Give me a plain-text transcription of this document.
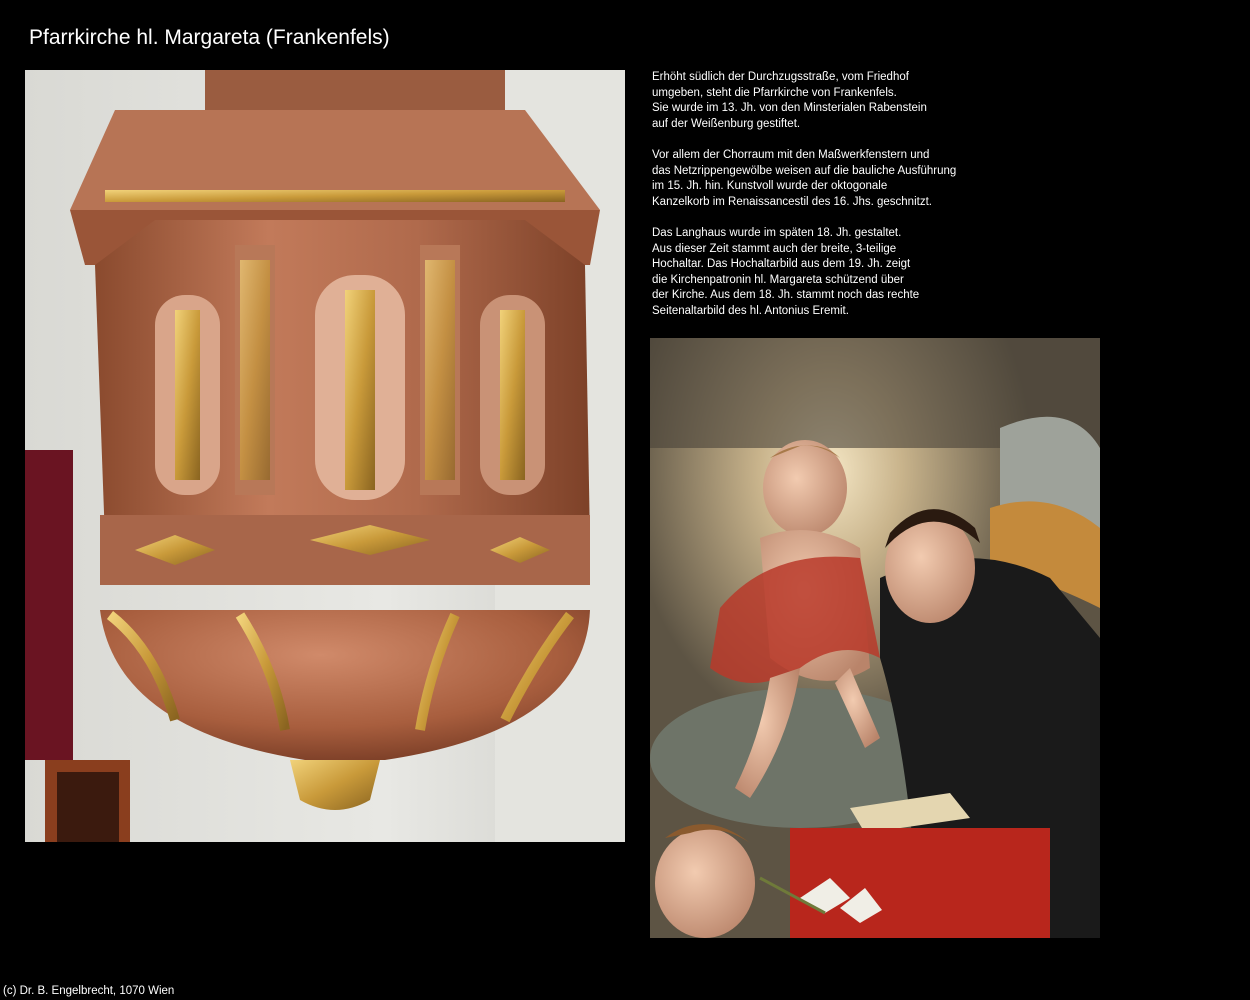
Pfarrkirche hl. Margareta (Frankenfels)

Erhöht südlich der Durchzugsstraße, vom Friedhof
umgeben, steht die Pfarrkirche von Frankenfels.
Sie wurde im 13. Jh. von den Minsterialen Rabenstein
auf der Weißenburg gestiftet.

Vor allem der Chorraum mit den Maßwerkfenstern und
das Netzrippengewölbe weisen auf die bauliche Ausführung
im 15. Jh. hin. Kunstvoll wurde der oktogonale
Kanzelkorb im Renaissancestil des 16. Jhs. geschnitzt.

Das Langhaus wurde im späten 18. Jh. gestaltet.
Aus dieser Zeit stammt auch der breite, 3-teilige
Hochaltar. Das Hochaltarbild aus dem 19. Jh. zeigt
die Kirchenpatronin hl. Margareta schützend über
der Kirche. Aus dem 18. Jh. stammt noch das rechte
Seitenaltarbild des hl. Antonius Eremit.

(c) Dr. B. Engelbrecht, 1070 Wien
